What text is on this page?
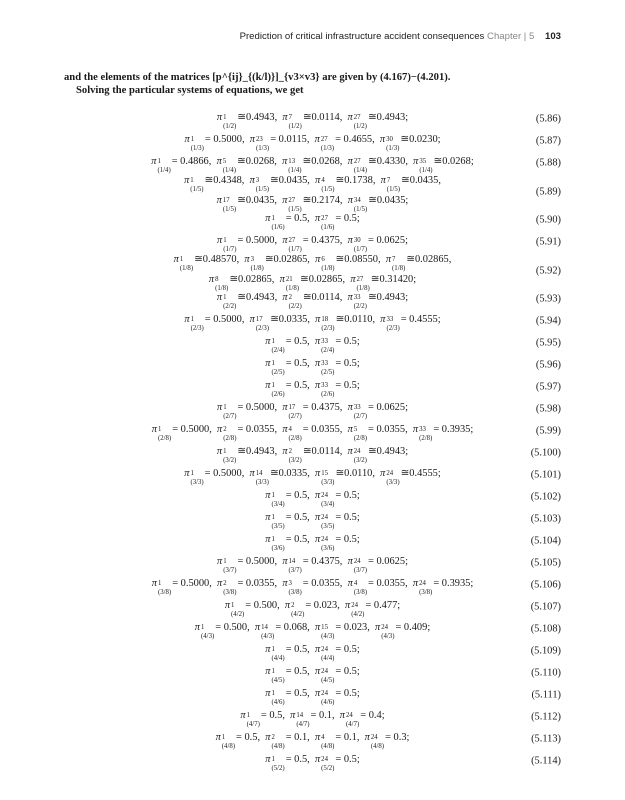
Prediction of critical infrastructure accident consequences Chapter | 5 103

and the elements of the matrices [p^{ij}_{(k/l)}]_{v3×v3} are given by (4.167)−(4.201).

Solving the particular systems of equations, we get

π 1
(1/2)
≅0.4943 , π 7
(1/2)
≅0.0114 , π 27
(1/2)
≅0.4943 ;	(5.86)
π 1
(1/3)
= 0.5000 , π 23
(1/3)
= 0.0115 , π 27
(1/3)
= 0.4655 , π 30
(1/3)
≅0.0230 ;	(5.87)
π 1
(1/4)
= 0.4866 , π 5
(1/4)
≅0.0268 , π 13
(1/4)
≅0.0268 , π 27
(1/4)
≅0.4330 , π 35
(1/4)
≅0.0268 ;	(5.88)
π 1
(1/5)
≅0.4348 , π 3
(1/5)
≅0.0435 , π 4
(1/5)
≅0.1738 , π 7
(1/5)
≅0.0435 ,
π 17
(1/5)
≅0.0435 , π 27
(1/5)
≅0.2174 , π 34
(1/5)
≅0.0435 ;
(5.89)
π 1
(1/6)
= 0.5 , π 27
(1/6)
= 0.5 ;	(5.90)
π 1
(1/7)
= 0.5000 , π 27
(1/7)
= 0.4375 , π 30
(1/7)
= 0.0625 ;	(5.91)
π 1
(1/8)
≅0.48570 , π 3
(1/8)
≅0.02865 , π 6
(1/8)
≅0.08550 , π 7
(1/8)
≅0.02865 ,
π 8
(1/8)
≅0.02865 , π 21
(1/8)
≅0.02865 , π 27
(1/8)
≅0.31420 ;
(5.92)
π 1
(2/2)
≅0.4943 , π 2
(2/2)
≅0.0114 , π 33
(2/2)
≅0.4943 ;	(5.93)
π 1
(2/3)
= 0.5000 , π 17
(2/3)
≅0.0335 , π 18
(2/3)
≅0.0110 , π 33
(2/3)
= 0.4555 ;	(5.94)
π 1
(2/4)
= 0.5 , π 33
(2/4)
= 0.5 ;	(5.95)
π 1
(2/5)
= 0.5 , π 33
(2/5)
= 0.5 ;	(5.96)
π 1
(2/6)
= 0.5 , π 33
(2/6)
= 0.5 ;	(5.97)
π 1
(2/7)
= 0.5000 , π 17
(2/7)
= 0.4375 , π 33
(2/7)
= 0.0625 ;	(5.98)
π 1
(2/8)
= 0.5000 , π 2
(2/8)
= 0.0355 , π 4
(2/8)
= 0.0355 , π 5
(2/8)
= 0.0355 , π 33
(2/8)
= 0.3935 ;	(5.99)
π 1
(3/2)
≅0.4943 , π 2
(3/2)
≅0.0114 , π 24
(3/2)
≅0.4943 ;	(5.100)
π 1
(3/3)
= 0.5000 , π 14
(3/3)
≅0.0335 , π 15
(3/3)
≅0.0110 , π 24
(3/3)
≅0.4555 ;	(5.101)
π 1
(3/4)
= 0.5 , π 24
(3/4)
= 0.5 ;	(5.102)
π 1
(3/5)
= 0.5 , π 24
(3/5)
= 0.5 ;	(5.103)
π 1
(3/6)
= 0.5 , π 24
(3/6)
= 0.5 ;	(5.104)
π 1
(3/7)
= 0.5000 , π 14
(3/7)
= 0.4375 , π 24
(3/7)
= 0.0625 ;	(5.105)
π 1
(3/8)
= 0.5000 , π 2
(3/8)
= 0.0355 , π 3
(3/8)
= 0.0355 , π 4
(3/8)
= 0.0355 , π 24
(3/8)
= 0.3935 ;	(5.106)
π 1
(4/2)
= 0.500 , π 2
(4/2)
= 0.023 , π 24
(4/2)
= 0.477 ;	(5.107)
π 1
(4/3)
= 0.500 , π 14
(4/3)
= 0.068 , π 15
(4/3)
= 0.023 , π 24
(4/3)
= 0.409 ;	(5.108)
π 1
(4/4)
= 0.5 , π 24
(4/4)
= 0.5 ;	(5.109)
π 1
(4/5)
= 0.5 , π 24
(4/5)
= 0.5 ;	(5.110)
π 1
(4/6)
= 0.5 , π 24
(4/6)
= 0.5 ;	(5.111)
π 1
(4/7)
= 0.5 , π 14
(4/7)
= 0.1 , π 24
(4/7)
= 0.4 ;	(5.112)
π 1
(4/8)
= 0.5 , π 2
(4/8)
= 0.1 , π 4
(4/8)
= 0.1 , π 24
(4/8)
= 0.3 ;	(5.113)
π 1
(5/2)
= 0.5 , π 24
(5/2)
= 0.5 ;	(5.114)
